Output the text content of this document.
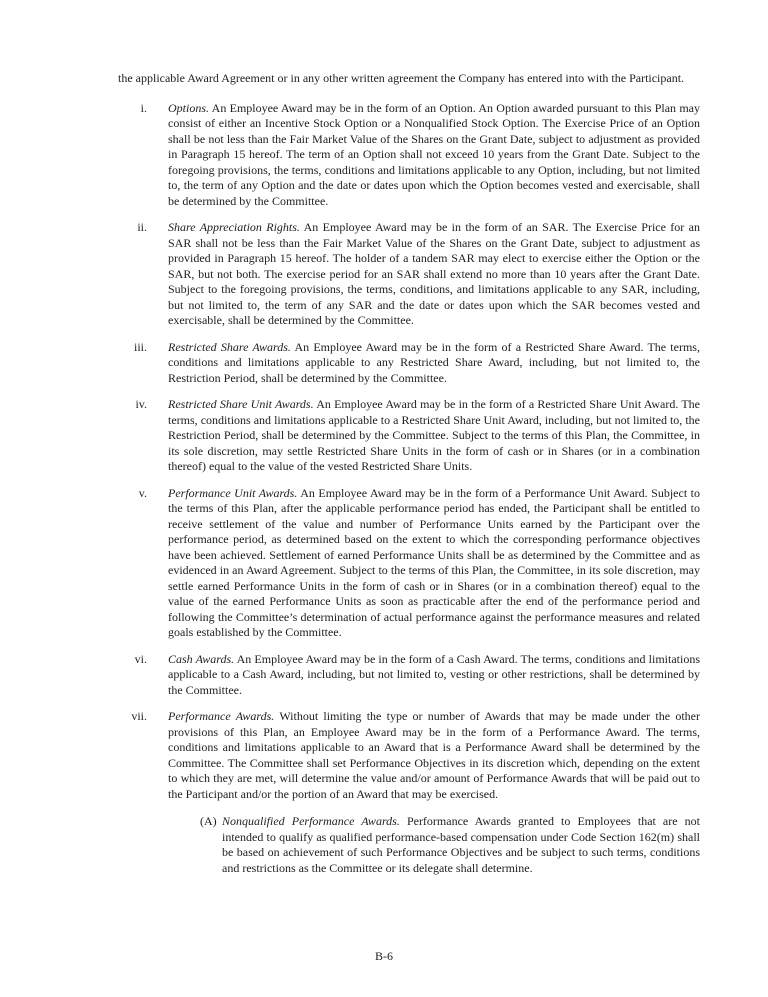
the applicable Award Agreement or in any other written agreement the Company has entered into with the Participant.

i.	Options. An Employee Award may be in the form of an Option. An Option awarded pursuant to this Plan may consist of either an Incentive Stock Option or a Nonqualified Stock Option. The Exercise Price of an Option shall be not less than the Fair Market Value of the Shares on the Grant Date, subject to adjustment as provided in Paragraph 15 hereof. The term of an Option shall not exceed 10 years from the Grant Date. Subject to the foregoing provisions, the terms, conditions and limitations applicable to any Option, including, but not limited to, the term of any Option and the date or dates upon which the Option becomes vested and exercisable, shall be determined by the Committee.
ii.	Share Appreciation Rights. An Employee Award may be in the form of an SAR. The Exercise Price for an SAR shall not be less than the Fair Market Value of the Shares on the Grant Date, subject to adjustment as provided in Paragraph 15 hereof. The holder of a tandem SAR may elect to exercise either the Option or the SAR, but not both. The exercise period for an SAR shall extend no more than 10 years after the Grant Date. Subject to the foregoing provisions, the terms, conditions, and limitations applicable to any SAR, including, but not limited to, the term of any SAR and the date or dates upon which the SAR becomes vested and exercisable, shall be determined by the Committee.
iii.	Restricted Share Awards. An Employee Award may be in the form of a Restricted Share Award. The terms, conditions and limitations applicable to any Restricted Share Award, including, but not limited to, the Restriction Period, shall be determined by the Committee.
iv.	Restricted Share Unit Awards. An Employee Award may be in the form of a Restricted Share Unit Award. The terms, conditions and limitations applicable to a Restricted Share Unit Award, including, but not limited to, the Restriction Period, shall be determined by the Committee. Subject to the terms of this Plan, the Committee, in its sole discretion, may settle Restricted Share Units in the form of cash or in Shares (or in a combination thereof) equal to the value of the vested Restricted Share Units.
v.	Performance Unit Awards. An Employee Award may be in the form of a Performance Unit Award. Subject to the terms of this Plan, after the applicable performance period has ended, the Participant shall be entitled to receive settlement of the value and number of Performance Units earned by the Participant over the performance period, as determined based on the extent to which the corresponding performance objectives have been achieved. Settlement of earned Performance Units shall be as determined by the Committee and as evidenced in an Award Agreement. Subject to the terms of this Plan, the Committee, in its sole discretion, may settle earned Performance Units in the form of cash or in Shares (or in a combination thereof) equal to the value of the earned Performance Units as soon as practicable after the end of the performance period and following the Committee’s determination of actual performance against the performance measures and related goals established by the Committee.
vi.	Cash Awards. An Employee Award may be in the form of a Cash Award. The terms, conditions and limitations applicable to a Cash Award, including, but not limited to, vesting or other restrictions, shall be determined by the Committee.
vii.	Performance Awards. Without limiting the type or number of Awards that may be made under the other provisions of this Plan, an Employee Award may be in the form of a Performance Award. The terms, conditions and limitations applicable to an Award that is a Performance Award shall be determined by the Committee. The Committee shall set Performance Objectives in its discretion which, depending on the extent to which they are met, will determine the value and/or amount of Performance Awards that will be paid out to the Participant and/or the portion of an Award that may be exercised.
(A) Nonqualified Performance Awards. Performance Awards granted to Employees that are not intended to qualify as qualified performance-based compensation under Code Section 162(m) shall be based on achievement of such Performance Objectives and be subject to such terms, conditions and restrictions as the Committee or its delegate shall determine.
B-6
